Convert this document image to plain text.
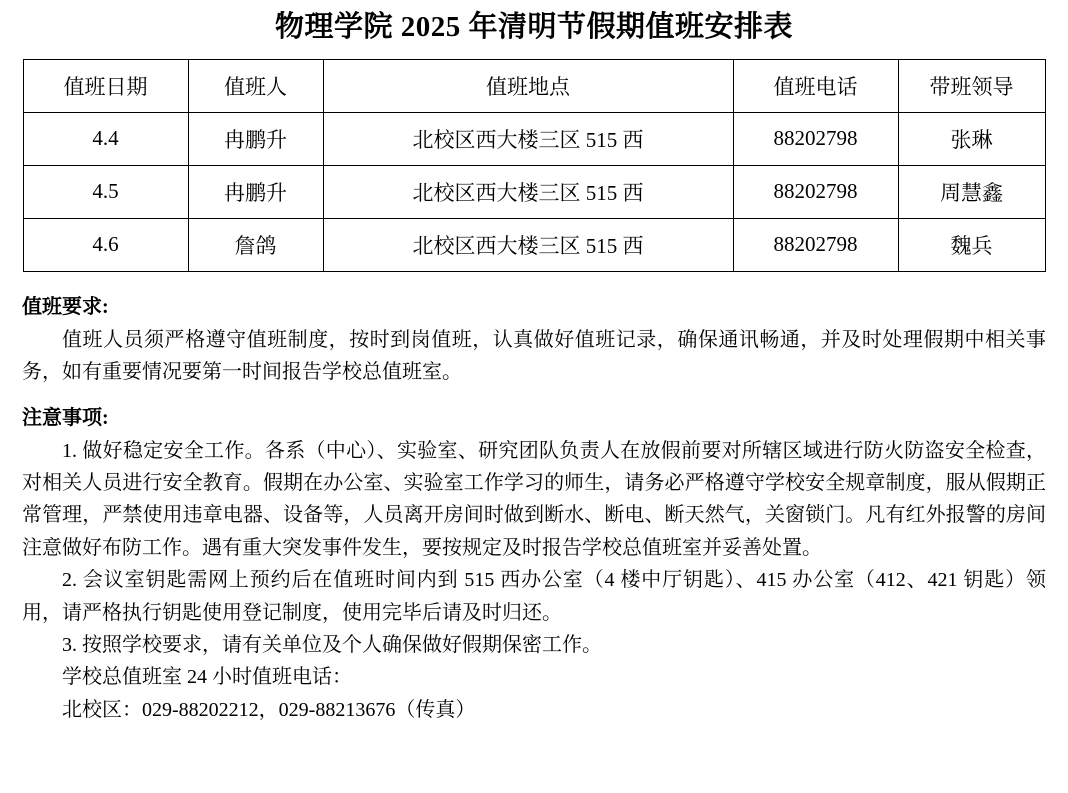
物理学院 2025 年清明节假期值班安排表
值班日期	值班人	值班地点	值班电话	带班领导
4.4	冉鹏升	北校区西大楼三区 515 西	88202798	张琳
4.5	冉鹏升	北校区西大楼三区 515 西	88202798	周慧鑫
4.6	詹鸽	北校区西大楼三区 515 西	88202798	魏兵
值班要求:

值班人员须严格遵守值班制度，按时到岗值班，认真做好值班记录，确保通讯畅通，并及时处理假期中相关事务，如有重要情况要第一时间报告学校总值班室。

注意事项:

1. 做好稳定安全工作。各系（中心）、实验室、研究团队负责人在放假前要对所辖区域进行防火防盗安全检查，对相关人员进行安全教育。假期在办公室、实验室工作学习的师生，请务必严格遵守学校安全规章制度，服从假期正常管理，严禁使用违章电器、设备等，人员离开房间时做到断水、断电、断天然气，关窗锁门。凡有红外报警的房间注意做好布防工作。遇有重大突发事件发生，要按规定及时报告学校总值班室并妥善处置。

2. 会议室钥匙需网上预约后在值班时间内到 515 西办公室（4 楼中厅钥匙）、415 办公室（412、421 钥匙）领用，请严格执行钥匙使用登记制度，使用完毕后请及时归还。

3. 按照学校要求，请有关单位及个人确保做好假期保密工作。

学校总值班室 24 小时值班电话：

北校区：029-88202212，029-88213676（传真）
